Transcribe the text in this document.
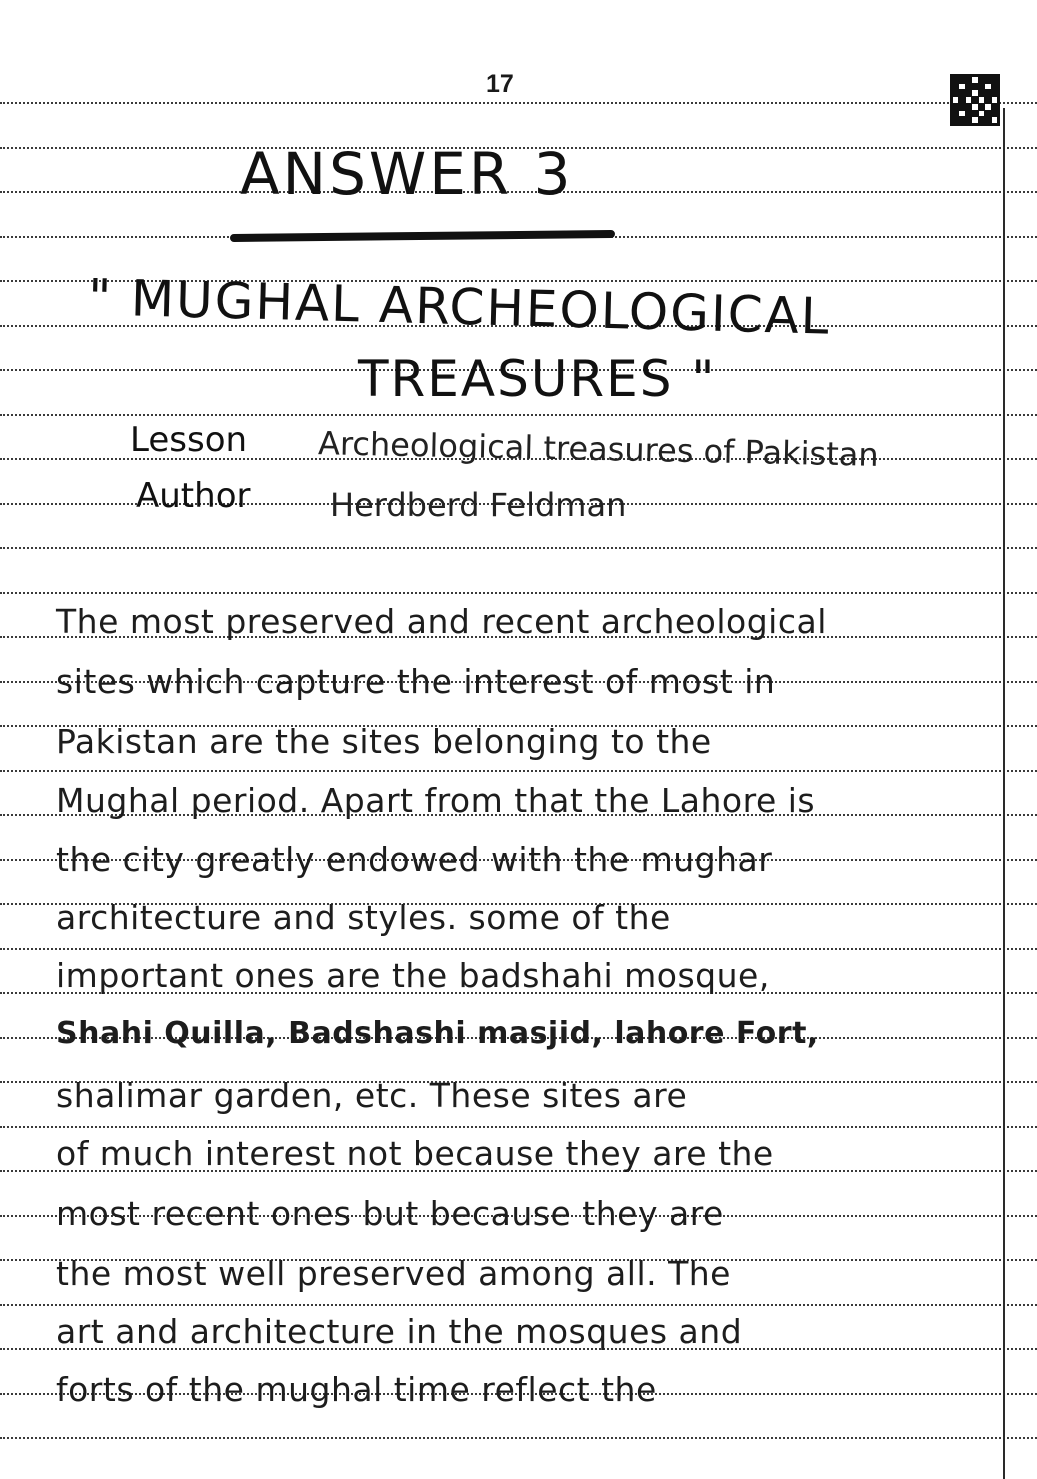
17
ANSWER 3
" MUGHAL ARCHEOLOGICAL
TREASURES "
Lesson Archeological treasures of Pakistan
Author Herdberd Feldman
The most preserved and recent archeological
sites which capture the interest of most in
Pakistan are the sites belonging to the
Mughal period. Apart from that the Lahore is
the city greatly endowed with the mughar
architecture and styles. some of the
important ones are the badshahi mosque,
Shahi Quilla, Badshashi masjid, lahore Fort,
shalimar garden, etc. These sites are
of much interest not because they are the
most recent ones but because they are
the most well preserved among all. The
art and architecture in the mosques and
forts of the mughal time reflect the
